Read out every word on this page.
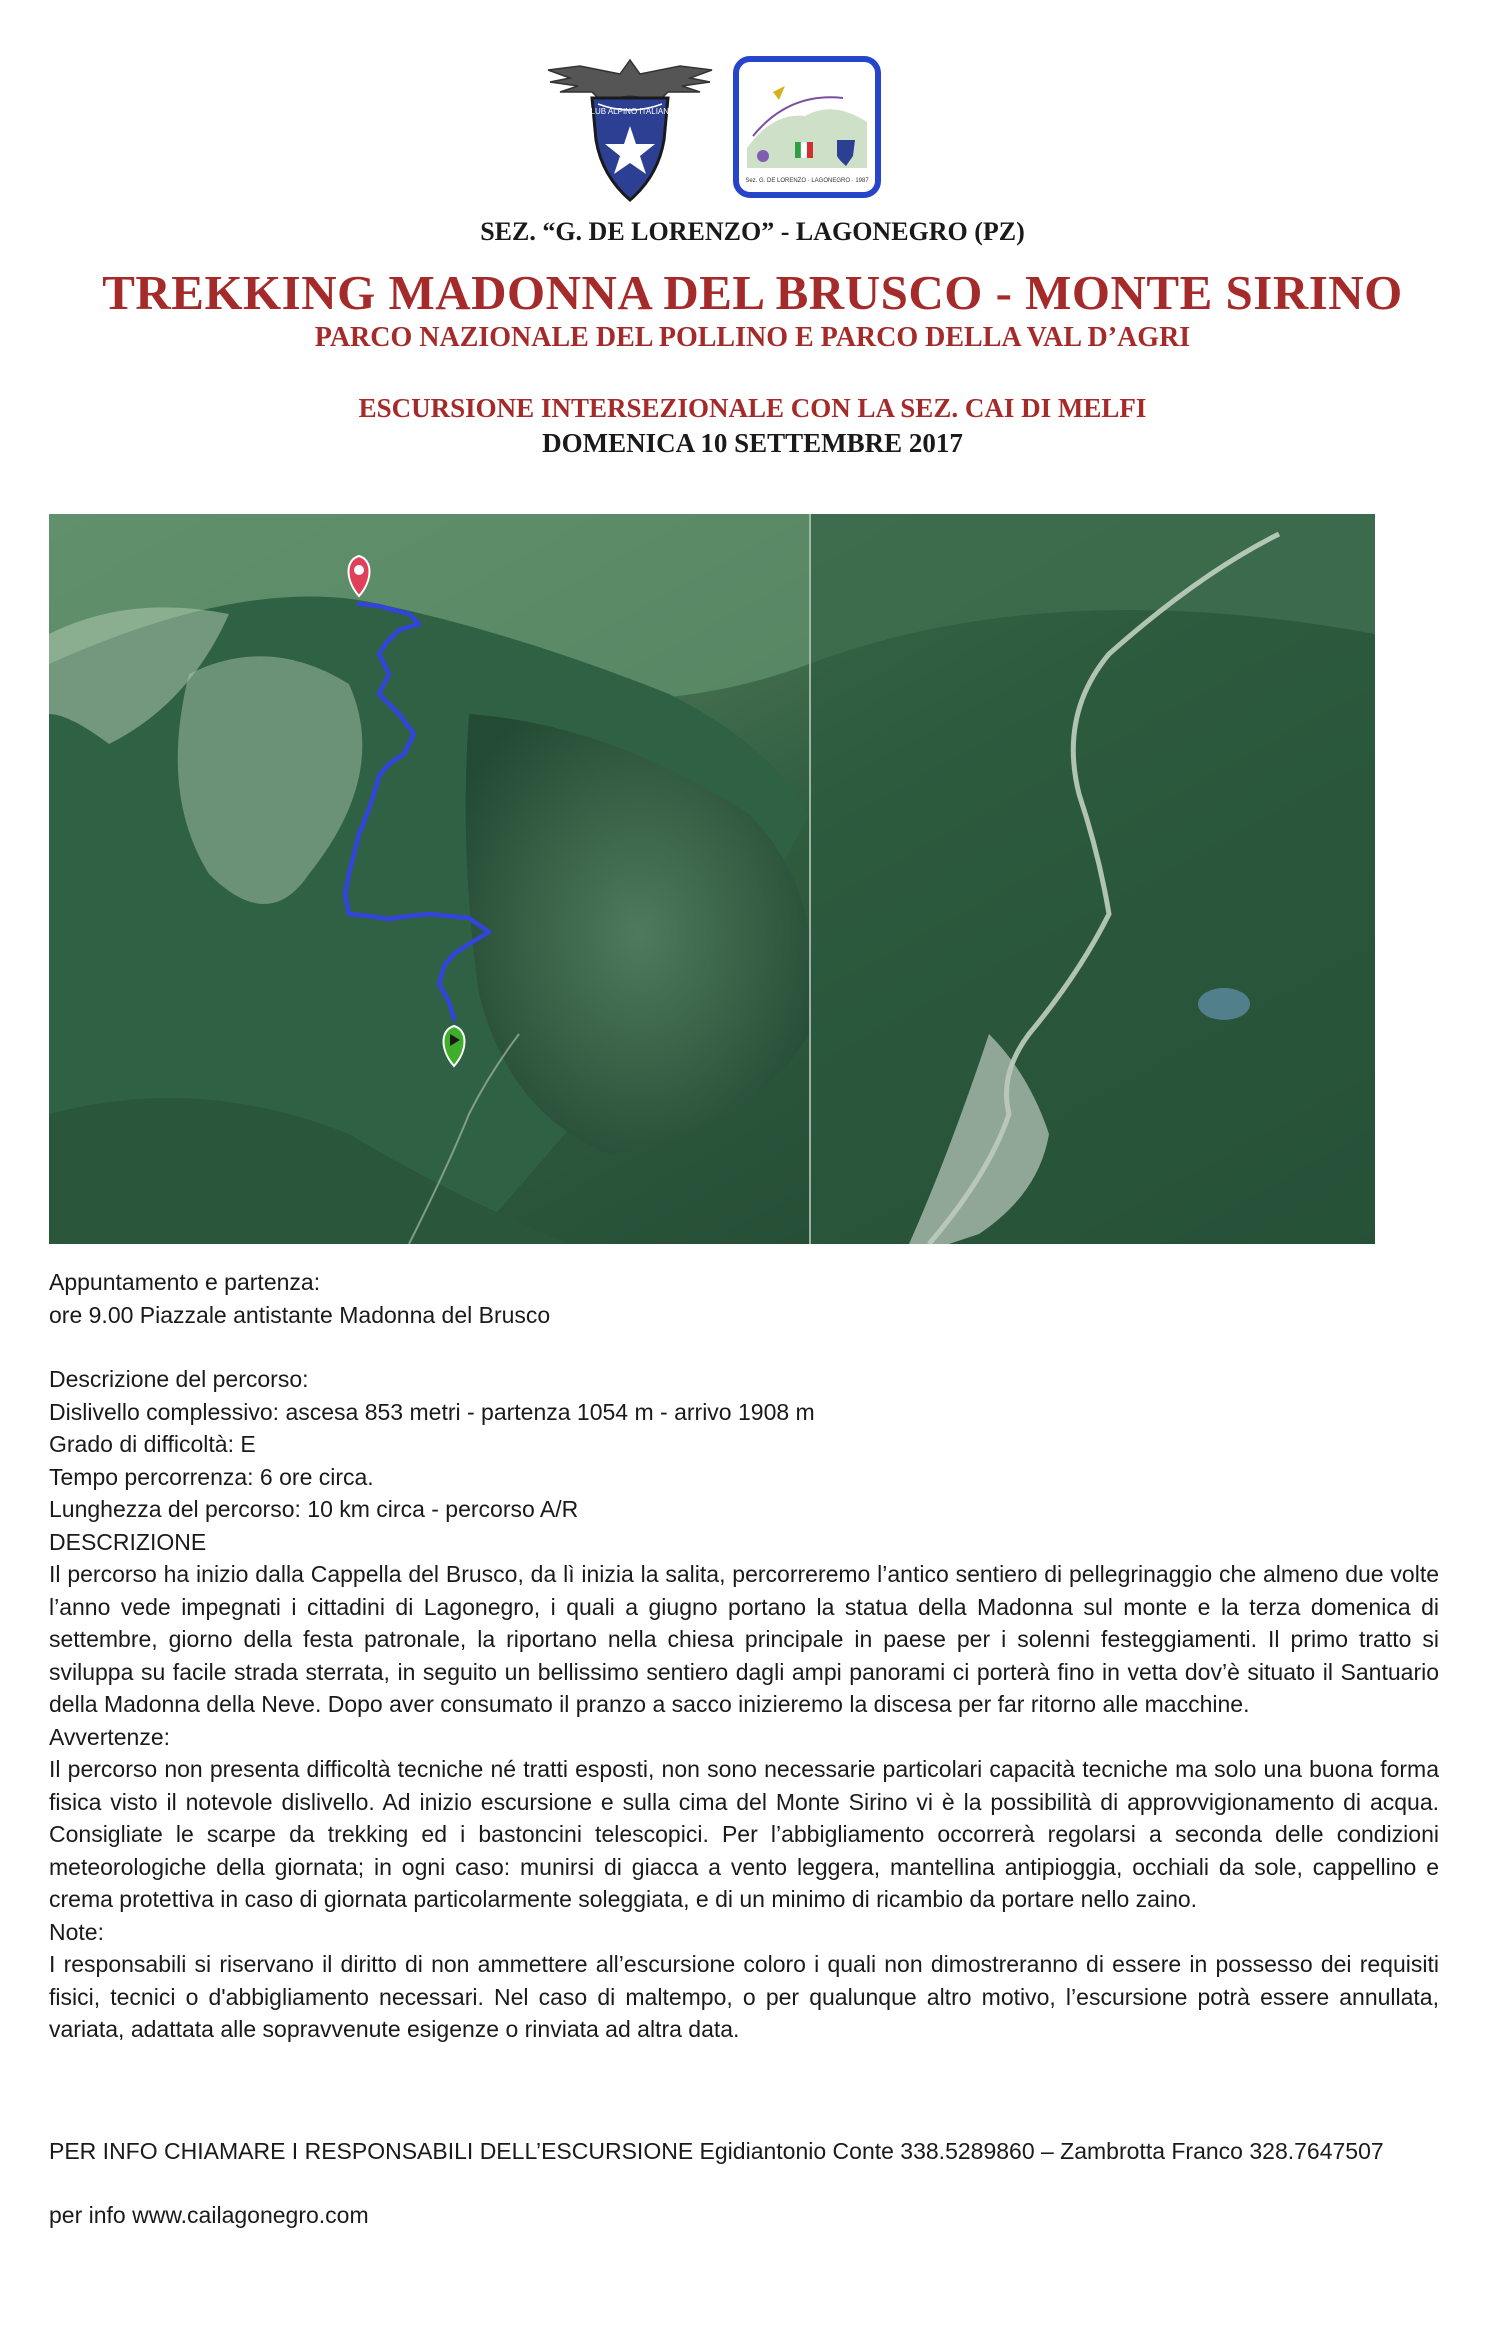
CLUB ALPINO ITALIANO
Sez. G. DE LORENZO · LAGONEGRO · 1987
SEZ. “G. DE LORENZO” - LAGONEGRO (PZ)
TREKKING MADONNA DEL BRUSCO - MONTE SIRINO
PARCO NAZIONALE DEL POLLINO E PARCO DELLA VAL D’AGRI
ESCURSIONE INTERSEZIONALE CON LA SEZ. CAI DI MELFI
DOMENICA 10 SETTEMBRE 2017
Appuntamento e partenza:
ore 9.00 Piazzale antistante Madonna del Brusco
Descrizione del percorso:
Dislivello complessivo: ascesa 853 metri - partenza 1054 m - arrivo 1908 m
Grado di difficoltà: E
Tempo percorrenza: 6 ore circa.
Lunghezza del percorso: 10 km circa - percorso A/R
DESCRIZIONE
Il percorso ha inizio dalla Cappella del Brusco, da lì inizia la salita, percorreremo l’antico sentiero di pellegrinaggio che almeno due volte l’anno vede impegnati i cittadini di Lagonegro, i quali a giugno portano la statua della Madonna sul monte e la terza domenica di settembre, giorno della festa patronale, la riportano nella chiesa principale in paese per i solenni festeggiamenti. Il primo tratto si sviluppa su facile strada sterrata, in seguito un bellissimo sentiero dagli ampi panorami ci porterà fino in vetta dov’è situato il Santuario della Madonna della Neve. Dopo aver consumato il pranzo a sacco inizieremo la discesa per far ritorno alle macchine.
Avvertenze:
Il percorso non presenta difficoltà tecniche né tratti esposti, non sono necessarie particolari capacità tecniche ma solo una buona forma fisica visto il notevole dislivello. Ad inizio escursione e sulla cima del Monte Sirino vi è la possibilità di approvvigionamento di acqua. Consigliate le scarpe da trekking ed i bastoncini telescopici. Per l’abbigliamento occorrerà regolarsi a seconda delle condizioni meteorologiche della giornata; in ogni caso: munirsi di giacca a vento leggera, mantellina antipioggia, occhiali da sole, cappellino e crema protettiva in caso di giornata particolarmente soleggiata, e di un minimo di ricambio da portare nello zaino.
Note:
I responsabili si riservano il diritto di non ammettere all’escursione coloro i quali non dimostreranno di essere in possesso dei requisiti fisici, tecnici o d'abbigliamento necessari. Nel caso di maltempo, o per qualunque altro motivo, l’escursione potrà essere annullata, variata, adattata alle sopravvenute esigenze o rinviata ad altra data.
PER INFO CHIAMARE I RESPONSABILI DELL’ESCURSIONE Egidiantonio Conte 338.5289860 – Zambrotta Franco 328.7647507
per info www.cailagonegro.com
